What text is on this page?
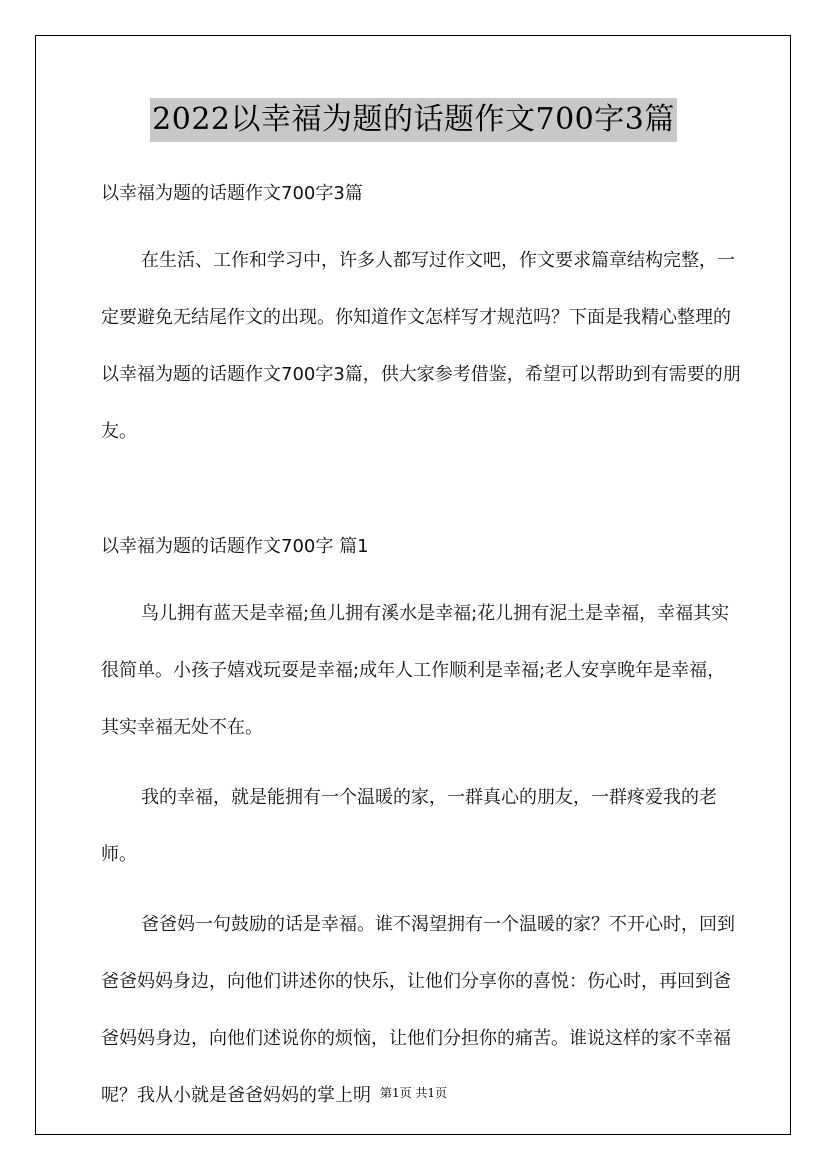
2022以幸福为题的话题作文700字3篇

以幸福为题的话题作文700字3篇

在生活、工作和学习中，许多人都写过作文吧，作文要求篇章结构完整，一定要避免无结尾作文的出现。你知道作文怎样写才规范吗？下面是我精心整理的以幸福为题的话题作文700字3篇，供大家参考借鉴，希望可以帮助到有需要的朋友。

以幸福为题的话题作文700字 篇1

鸟儿拥有蓝天是幸福;鱼儿拥有溪水是幸福;花儿拥有泥土是幸福，幸福其实很简单。小孩子嬉戏玩耍是幸福;成年人工作顺利是幸福;老人安享晚年是幸福，其实幸福无处不在。

我的幸福，就是能拥有一个温暖的家，一群真心的朋友，一群疼爱我的老师。

爸爸妈一句鼓励的话是幸福。谁不渴望拥有一个温暖的家？不开心时，回到爸爸妈妈身边，向他们讲述你的快乐，让他们分享你的喜悦：伤心时，再回到爸爸妈妈身边，向他们述说你的烦恼，让他们分担你的痛苦。谁说这样的家不幸福呢？我从小就是爸爸妈妈的掌上明 第1页 共1页
